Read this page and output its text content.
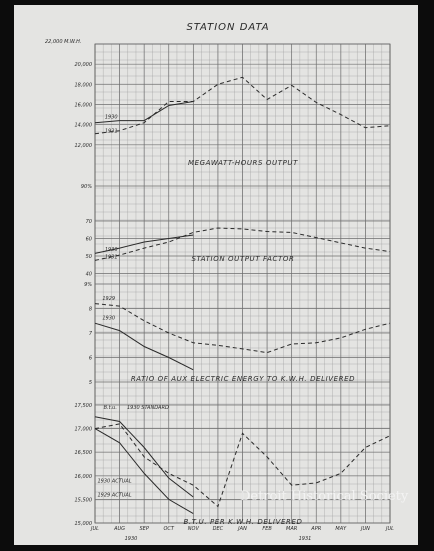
JUL	AUG	SEP	OCT	NOV	DEC	JAN	FEB	MAR	APR	MAY	JUN	JUL
1930	1931
12,000
14,000
16,000
18,000
20,000
22,000 M.W.H.
1930
1931
MEGAWATT-HOURS OUTPUT
40
50
60
70
90%
1930
1931	STATION OUTPUT FACTOR
5
6
7
8
9%
1929
1930
RATIO OF AUX ELECTRIC ENERGY TO K.W.H. DELIVERED
15,000
15,500
16,000
16,500
17,000
17,500 B.t.u. 1930 STANDARD
1930 ACTUAL
1929 ACTUAL
B.T.U. PER K.W.H. DELIVERED
STATION DATA
Detroit Historical Society
